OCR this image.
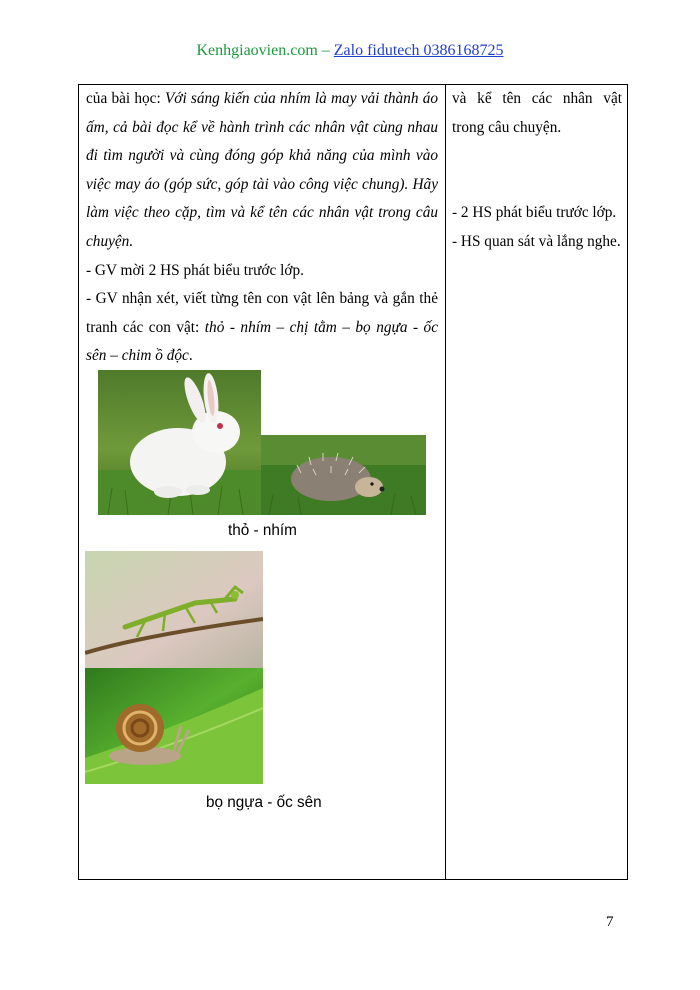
Kenhgiaovien.com – Zalo fidutech 0386168725

của bài học: Với sáng kiến của nhím là may vải thành áo ấm, cả bài đọc kể về hành trình các nhân vật cùng nhau đi tìm người và cùng đóng góp khả năng của mình vào việc may áo (góp sức, góp tài vào công việc chung). Hãy làm việc theo cặp, tìm và kể tên các nhân vật trong câu chuyện.

- GV mời 2 HS phát biểu trước lớp.

- GV nhận xét, viết từng tên con vật lên bảng và gắn thẻ tranh các con vật: thỏ - nhím – chị tằm – bọ ngựa - ốc sên – chim ồ độc.

và kể tên các nhân vật trong câu chuyện.

- 2 HS phát biểu trước lớp.

- HS quan sát và lắng nghe.

thỏ - nhím
bọ ngựa - ốc sên
7
